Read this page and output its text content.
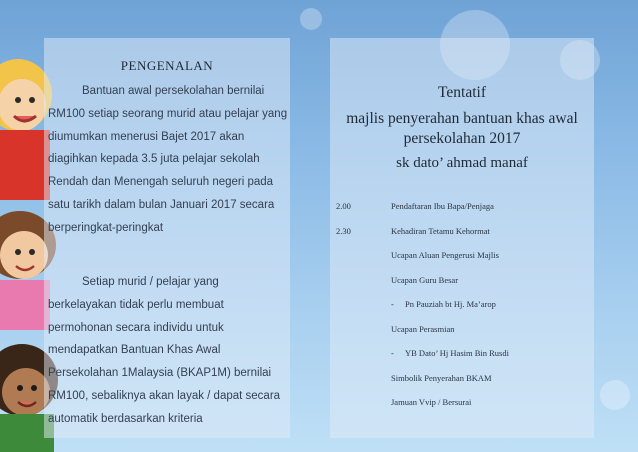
PENGENALAN

Bantuan awal persekolahan bernilai RM100 setiap seorang murid atau pelajar yang diumumkan menerusi Bajet 2017 akan diagihkan kepada 3.5 juta pelajar sekolah Rendah dan Menengah seluruh negeri pada satu tarikh dalam bulan Januari 2017 secara berperingkat-peringkat

Setiap murid / pelajar yang berkelayakan tidak perlu membuat permohonan secara individu untuk mendapatkan Bantuan Khas Awal Persekolahan 1Malaysia (BKAP1M) bernilai RM100, sebaliknya akan layak / dapat secara automatik berdasarkan kriteria

Tentatif
majlis penyerahan bantuan khas awal persekolahan 2017
sk dato’ ahmad manaf
2.00	Pendaftaran Ibu Bapa/Penjaga
2.30	Kehadiran Tetamu Kehormat
Ucapan Aluan Pengerusi Majlis
Ucapan Guru Besar
- Pn Pauziah bt Hj. Ma’arop
Ucapan Perasmian
- YB Dato’ Hj Hasim Bin Rusdi
Simbolik Penyerahan BKAM
Jamuan Vvip / Bersurai
